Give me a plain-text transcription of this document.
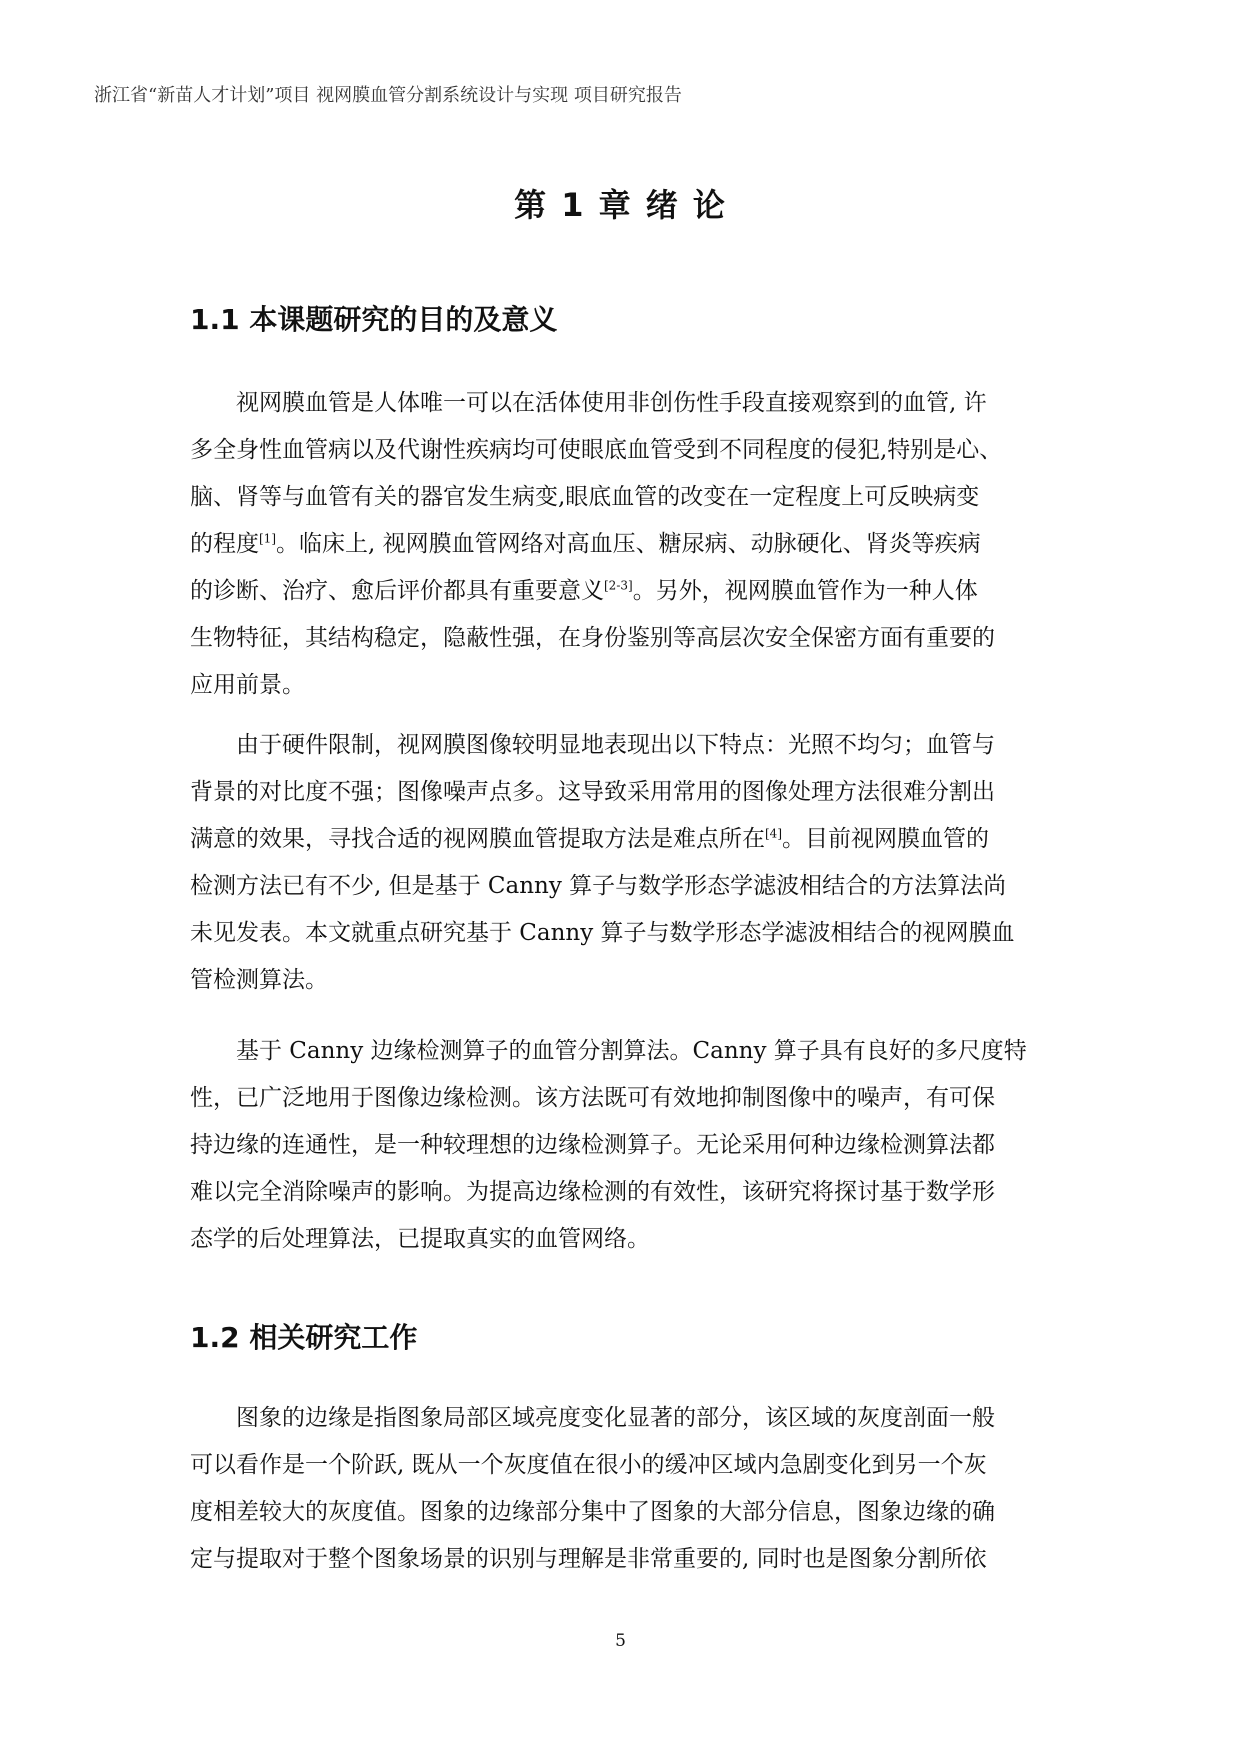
浙江省“新苗人才计划”项目 视网膜血管分割系统设计与实现 项目研究报告
第 1 章 绪 论
1.1 本课题研究的目的及意义
视网膜血管是人体唯一可以在活体使用非创伤性手段直接观察到的血管, 许
多全身性血管病以及代谢性疾病均可使眼底血管受到不同程度的侵犯,特别是心、
脑、肾等与血管有关的器官发生病变,眼底血管的改变在一定程度上可反映病变
的程度[1]。临床上, 视网膜血管网络对高血压、糖尿病、动脉硬化、肾炎等疾病
的诊断、治疗、愈后评价都具有重要意义[2-3]。另外，视网膜血管作为一种人体
生物特征，其结构稳定，隐蔽性强，在身份鉴别等高层次安全保密方面有重要的
应用前景。
由于硬件限制，视网膜图像较明显地表现出以下特点：光照不均匀；血管与
背景的对比度不强；图像噪声点多。这导致采用常用的图像处理方法很难分割出
满意的效果，寻找合适的视网膜血管提取方法是难点所在[4]。目前视网膜血管的
检测方法已有不少, 但是基于 Canny 算子与数学形态学滤波相结合的方法算法尚
未见发表。本文就重点研究基于 Canny 算子与数学形态学滤波相结合的视网膜血
管检测算法。
基于 Canny 边缘检测算子的血管分割算法。Canny 算子具有良好的多尺度特
性，已广泛地用于图像边缘检测。该方法既可有效地抑制图像中的噪声，有可保
持边缘的连通性，是一种较理想的边缘检测算子。无论采用何种边缘检测算法都
难以完全消除噪声的影响。为提高边缘检测的有效性，该研究将探讨基于数学形
态学的后处理算法，已提取真实的血管网络。
1.2 相关研究工作
图象的边缘是指图象局部区域亮度变化显著的部分，该区域的灰度剖面一般
可以看作是一个阶跃, 既从一个灰度值在很小的缓冲区域内急剧变化到另一个灰
度相差较大的灰度值。图象的边缘部分集中了图象的大部分信息，图象边缘的确
定与提取对于整个图象场景的识别与理解是非常重要的, 同时也是图象分割所依
5
